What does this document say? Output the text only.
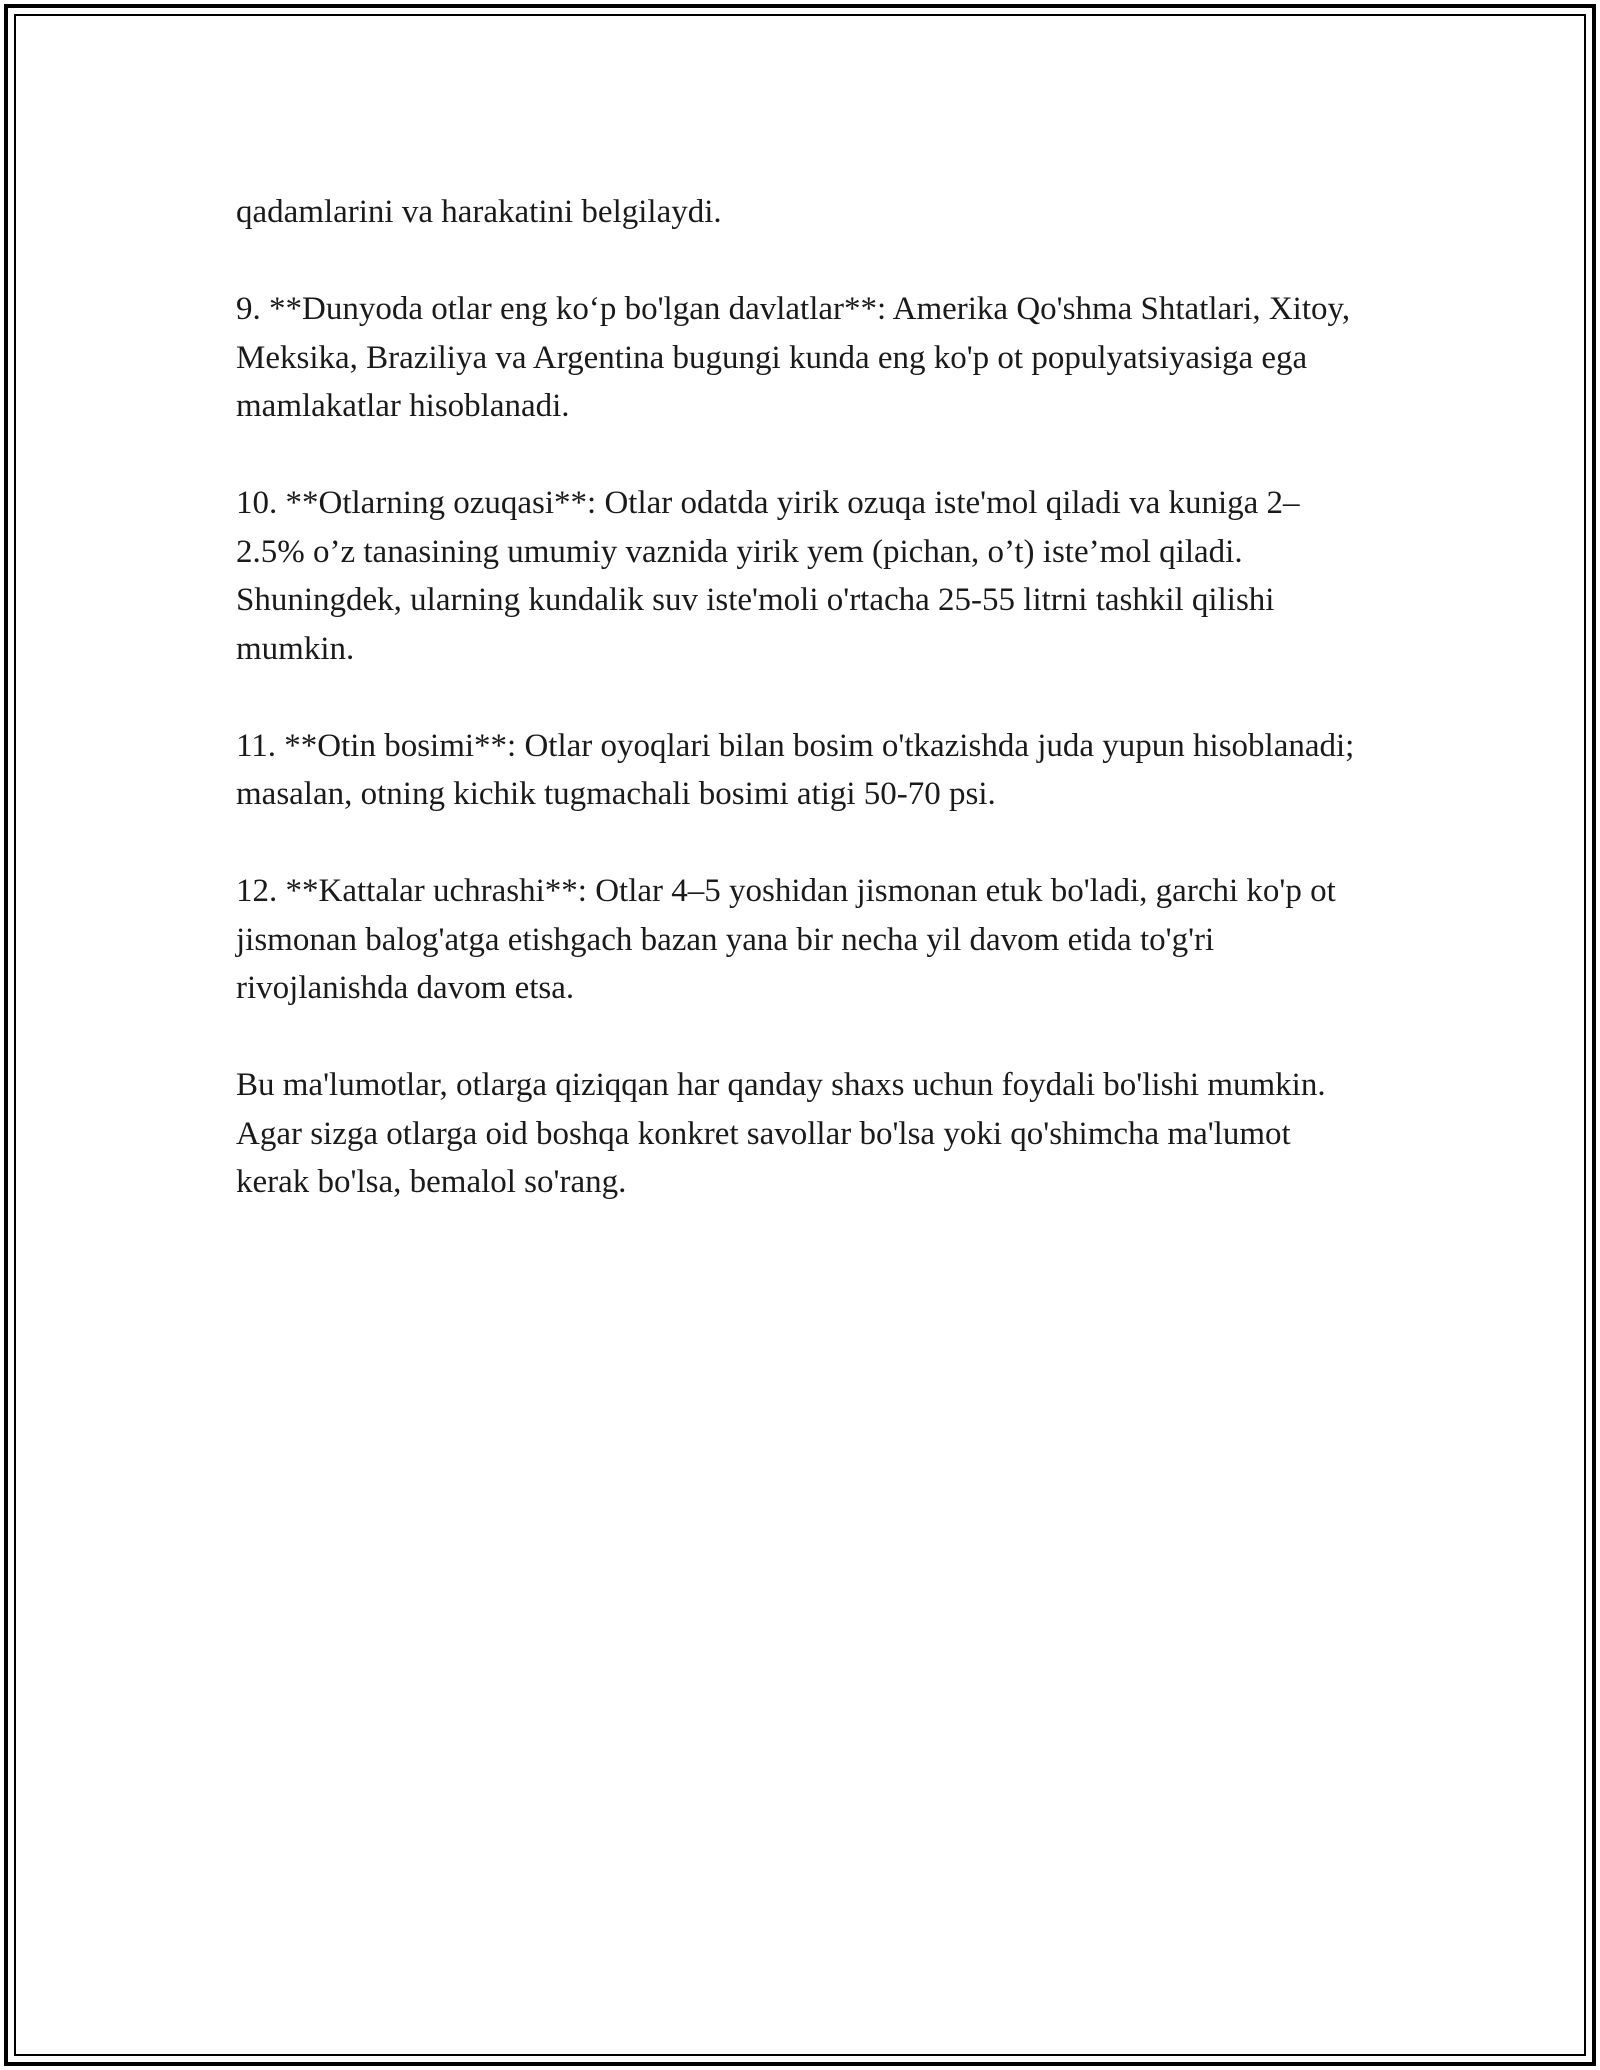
qadamlarini va harakatini belgilaydi.

9. **Dunyoda otlar eng ko‘p bo'lgan davlatlar**: Amerika Qo'shma Shtatlari, Xitoy, Meksika, Braziliya va Argentina bugungi kunda eng ko'p ot populyatsiyasiga ega mamlakatlar hisoblanadi.

10. **Otlarning ozuqasi**: Otlar odatda yirik ozuqa iste'mol qiladi va kuniga 2–2.5% o’z tanasining umumiy vaznida yirik yem (pichan, o’t) iste’mol qiladi. Shuningdek, ularning kundalik suv iste'moli o'rtacha 25-55 litrni tashkil qilishi mumkin.

11. **Otin bosimi**: Otlar oyoqlari bilan bosim o'tkazishda juda yupun hisoblanadi; masalan, otning kichik tugmachali bosimi atigi 50-70 psi.

12. **Kattalar uchrashi**: Otlar 4–5 yoshidan jismonan etuk bo'ladi, garchi ko'p ot jismonan balog'atga etishgach bazan yana bir necha yil davom etida to'g'ri rivojlanishda davom etsa.

Bu ma'lumotlar, otlarga qiziqqan har qanday shaxs uchun foydali bo'lishi mumkin. Agar sizga otlarga oid boshqa konkret savollar bo'lsa yoki qo'shimcha ma'lumot kerak bo'lsa, bemalol so'rang.
